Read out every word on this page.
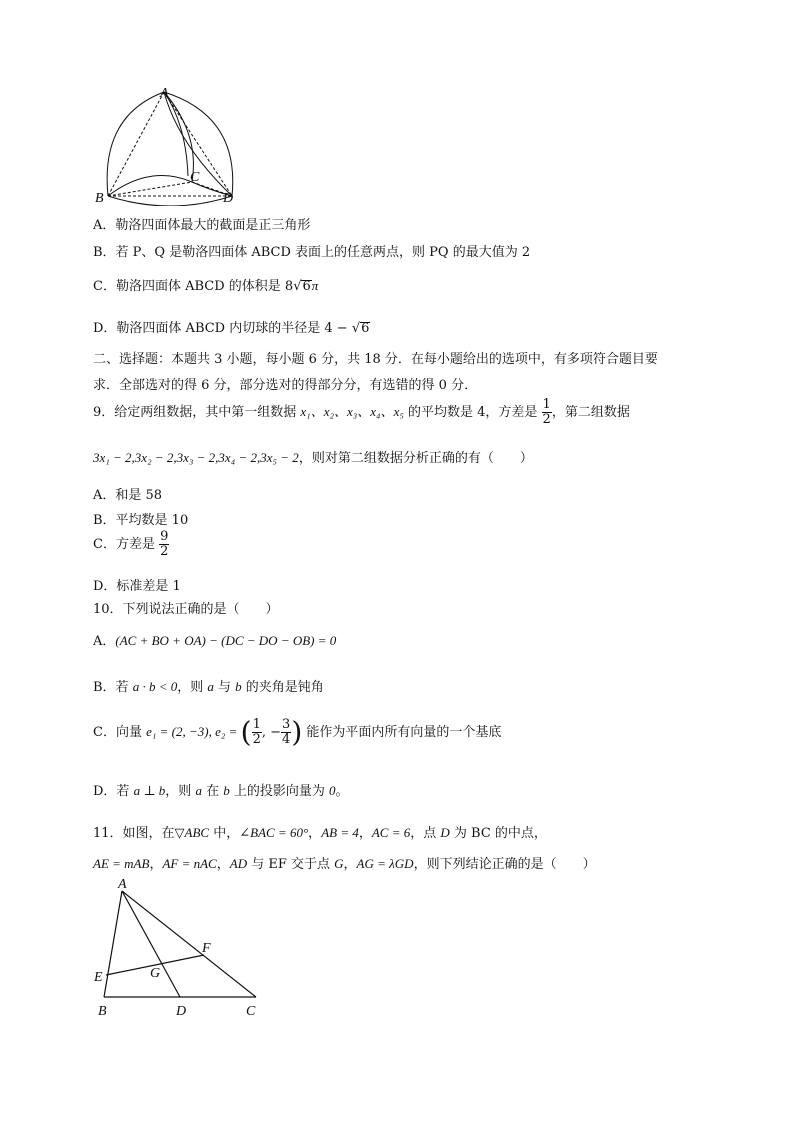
A
B
C
D
A．勒洛四面体最大的截面是正三角形
B．若 P、Q 是勒洛四面体 ABCD 表面上的任意两点，则 PQ 的最大值为 2
C．勒洛四面体 ABCD 的体积是 8√6π
D．勒洛四面体 ABCD 内切球的半径是 4 − √6
二、选择题：本题共 3 小题，每小题 6 分，共 18 分．在每小题给出的选项中，有多项符合题目要
求．全部选对的得 6 分，部分选对的得部分分，有选错的得 0 分．
9．给定两组数据，其中第一组数据 x₁、x₂、x₃、x₄、x₅ 的平均数是 4，方差是 $\frac{1}{2}$ ，第二组数据
3x₁ − 2,3x₂ − 2,3x₃ − 2,3x₄ − 2,3x₅ − 2，则对第二组数据分析正确的有（　　）
A．和是 58
B．平均数是 10
C．方差是 $\frac{9}{2}$
D．标准差是 1
10．下列说法正确的是（　　）
A．(AC + BO + OA) − (DC − DO − OB) = 0
B．若 a · b < 0，则 a 与 b 的夹角是钝角
C．向量 e₁ = (2, −3), e₂ = ( $\frac{1}{2}$ , − $\frac{3}{4}$ ) 能作为平面内所有向量的一个基底
D．若 a ⊥ b，则 a 在 b 上的投影向量为 0。
11．如图，在▽ABC 中，∠BAC = 60°，AB = 4，AC = 6，点 D 为 BC 的中点，
AE = mAB，AF = nAC，AD 与 EF 交于点 G，AG = λGD，则下列结论正确的是（　　）
A
E	G
F
B	D	C
